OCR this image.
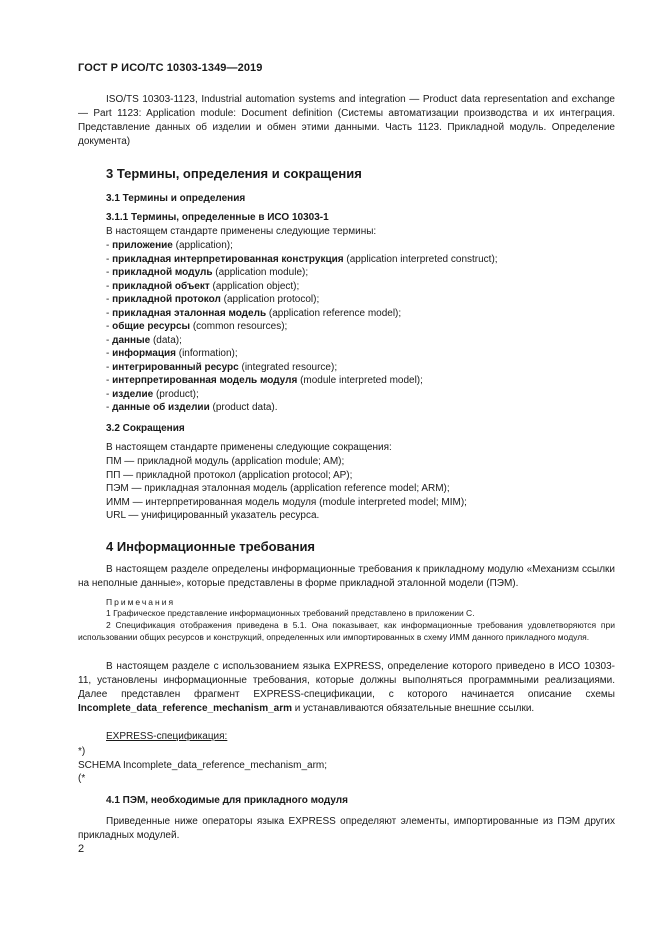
ГОСТ Р ИСО/ТС 10303-1349—2019

ISO/TS 10303-1123, Industrial automation systems and integration — Product data representation and exchange — Part 1123: Application module: Document definition (Системы автоматизации производства и их интеграция. Представление данных об изделии и обмен этими данными. Часть 1123. Прикладной модуль. Определение документа)

3 Термины, определения и сокращения
3.1 Термины и определения
3.1.1 Термины, определенные в ИСО 10303-1
В настоящем стандарте применены следующие термины:
- приложение (application);
- прикладная интерпретированная конструкция (application interpreted construct);
- прикладной модуль (application module);
- прикладной объект (application object);
- прикладной протокол (application protocol);
- прикладная эталонная модель (application reference model);
- общие ресурсы (common resources);
- данные (data);
- информация (information);
- интегрированный ресурс (integrated resource);
- интерпретированная модель модуля (module interpreted model);
- изделие (product);
- данные об изделии (product data).
3.2 Сокращения
В настоящем стандарте применены следующие сокращения:
ПМ — прикладной модуль (application module; AM);
ПП — прикладной протокол (application protocol; AP);
ПЭМ — прикладная эталонная модель (application reference model; ARM);
ИММ — интерпретированная модель модуля (module interpreted model; MIM);
URL — унифицированный указатель ресурса.
4 Информационные требования

В настоящем разделе определены информационные требования к прикладному модулю «Механизм ссылки на неполные данные», которые представлены в форме прикладной эталонной модели (ПЭМ).

Примечания

1 Графическое представление информационных требований представлено в приложении C.

2 Спецификация отображения приведена в 5.1. Она показывает, как информационные требования удовлетворяются при использовании общих ресурсов и конструкций, определенных или импортированных в схему ИММ данного прикладного модуля.

В настоящем разделе с использованием языка EXPRESS, определение которого приведено в ИСО 10303-11, установлены информационные требования, которые должны выполняться программными реализациями. Далее представлен фрагмент EXPRESS-спецификации, с которого начинается описание схемы Incomplete_data_reference_mechanism_arm и устанавливаются обязательные внешние ссылки.

EXPRESS-спецификация:
*)
SCHEMA Incomplete_data_reference_mechanism_arm;
(*
4.1 ПЭМ, необходимые для прикладного модуля

Приведенные ниже операторы языка EXPRESS определяют элементы, импортированные из ПЭМ других прикладных модулей.

2
